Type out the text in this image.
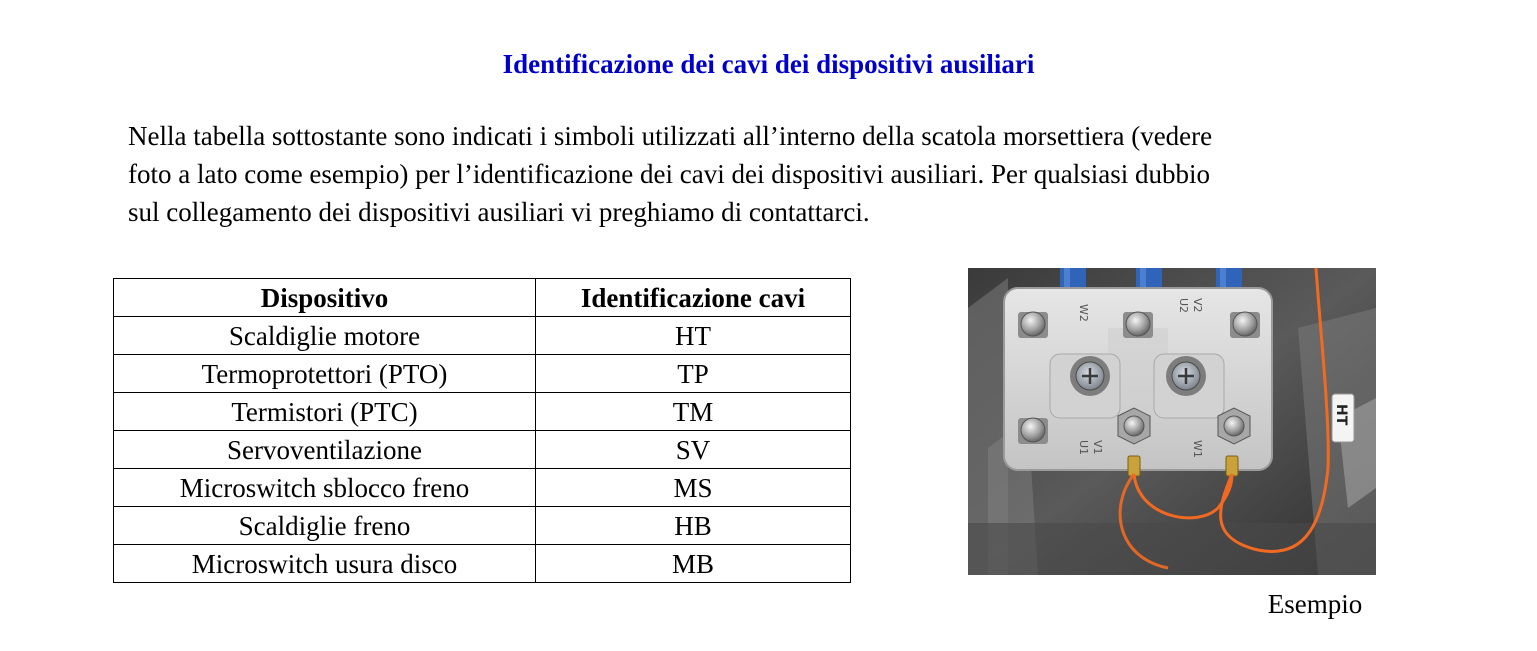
Identificazione dei cavi dei dispositivi ausiliari
Nella tabella sottostante sono indicati i simboli utilizzati all’interno della scatola morsettiera (vedere
foto a lato come esempio) per l’identificazione dei cavi dei dispositivi ausiliari. Per qualsiasi dubbio
sul collegamento dei dispositivi ausiliari vi preghiamo di contattarci.
Dispositivo	Identificazione cavi
Scaldiglie motore	HT
Termoprotettori (PTO)	TP
Termistori (PTC)	TM
Servoventilazione	SV
Microswitch sblocco freno	MS
Scaldiglie freno	HB
Microswitch usura disco	MB
W2	U2 V2
U1 V1	W1
HT
Esempio
